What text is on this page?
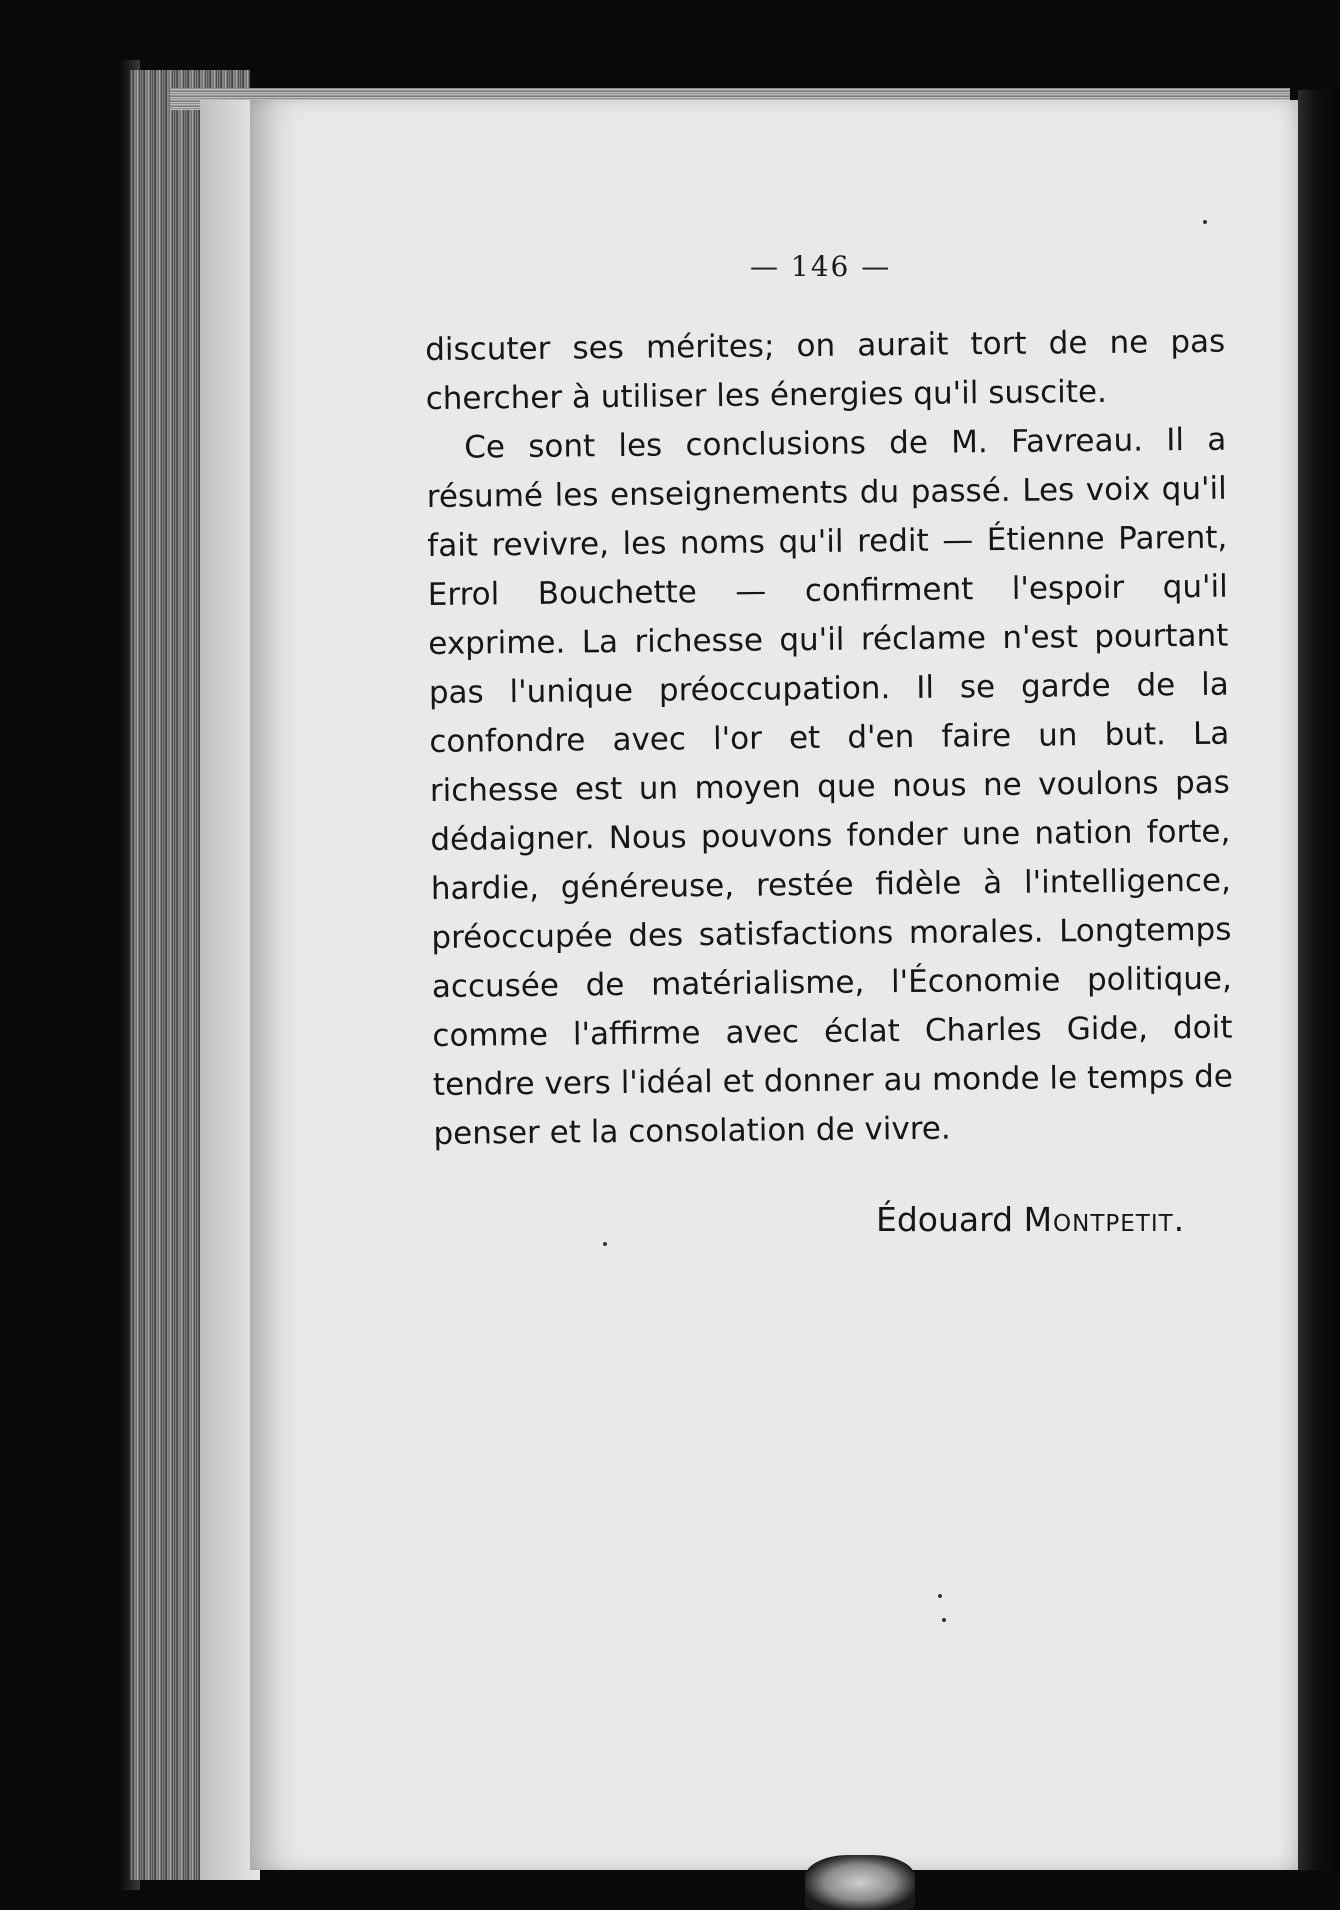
— 146 —

discuter ses mérites; on aurait tort de ne pas chercher à utiliser les énergies qu'il suscite.

Ce sont les conclusions de M. Favreau. Il a résumé les enseignements du passé. Les voix qu'il fait revivre, les noms qu'il redit — Étienne Parent, Errol Bouchette — confirment l'espoir qu'il exprime. La richesse qu'il réclame n'est pourtant pas l'unique préoccupation. Il se garde de la confondre avec l'or et d'en faire un but. La richesse est un moyen que nous ne voulons pas dédaigner. Nous pouvons fonder une nation forte, hardie, généreuse, restée fidèle à l'intelligence, préoccupée des satisfactions morales. Longtemps accusée de matérialisme, l'Économie politique, comme l'affirme avec éclat Charles Gide, doit tendre vers l'idéal et donner au monde le temps de penser et la consolation de vivre.

Édouard Montpetit.
